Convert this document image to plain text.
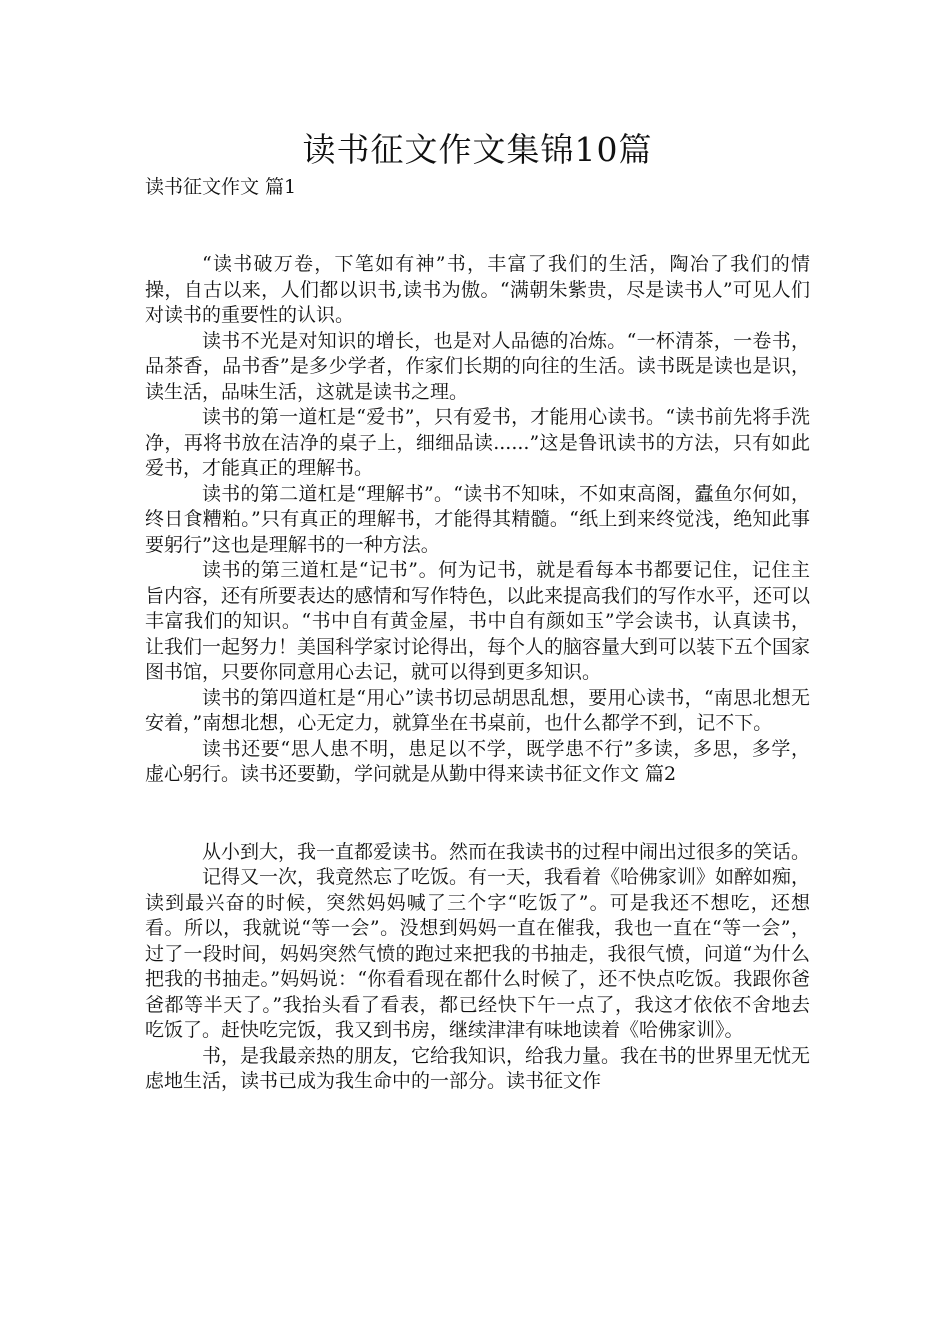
读书征文作文集锦10篇
读书征文作文 篇1

“读书破万卷，下笔如有神”书，丰富了我们的生活，陶冶了我们的情操，自古以来，人们都以识书,读书为傲。“满朝朱紫贵，尽是读书人”可见人们对读书的重要性的认识。

读书不光是对知识的增长，也是对人品德的冶炼。“一杯清茶，一卷书，品茶香，品书香”是多少学者，作家们长期的向往的生活。读书既是读也是识，读生活，品味生活，这就是读书之理。

读书的第一道杠是“爱书”，只有爱书，才能用心读书。“读书前先将手洗净，再将书放在洁净的桌子上，细细品读......”这是鲁讯读书的方法，只有如此爱书，才能真正的理解书。

读书的第二道杠是“理解书”。“读书不知味，不如束高阁，蠹鱼尔何如，终日食糟粕。”只有真正的理解书，才能得其精髓。“纸上到来终觉浅，绝知此事要躬行”这也是理解书的一种方法。

读书的第三道杠是“记书”。何为记书，就是看每本书都要记住，记住主旨内容，还有所要表达的感情和写作特色，以此来提高我们的写作水平，还可以丰富我们的知识。“书中自有黄金屋，书中自有颜如玉”学会读书，认真读书，让我们一起努力！美国科学家讨论得出，每个人的脑容量大到可以装下五个国家图书馆，只要你同意用心去记，就可以得到更多知识。

读书的第四道杠是“用心”读书切忌胡思乱想，要用心读书，“南思北想无安着，”南想北想，心无定力，就算坐在书桌前，也什么都学不到，记不下。

读书还要“思人患不明，患足以不学，既学患不行”多读，多思，多学，虚心躬行。读书还要勤，学问就是从勤中得来读书征文作文 篇2

从小到大，我一直都爱读书。然而在我读书的过程中闹出过很多的笑话。

记得又一次，我竟然忘了吃饭。有一天，我看着《哈佛家训》如醉如痴，读到最兴奋的时候，突然妈妈喊了三个字“吃饭了”。可是我还不想吃，还想看。所以，我就说“等一会”。没想到妈妈一直在催我，我也一直在“等一会”，过了一段时间，妈妈突然气愤的跑过来把我的书抽走，我很气愤，问道“为什么把我的书抽走。”妈妈说：“你看看现在都什么时候了，还不快点吃饭。我跟你爸爸都等半天了。”我抬头看了看表，都已经快下午一点了，我这才依依不舍地去吃饭了。赶快吃完饭，我又到书房，继续津津有味地读着《哈佛家训》。

书，是我最亲热的朋友，它给我知识，给我力量。我在书的世界里无忧无虑地生活，读书已成为我生命中的一部分。读书征文作
